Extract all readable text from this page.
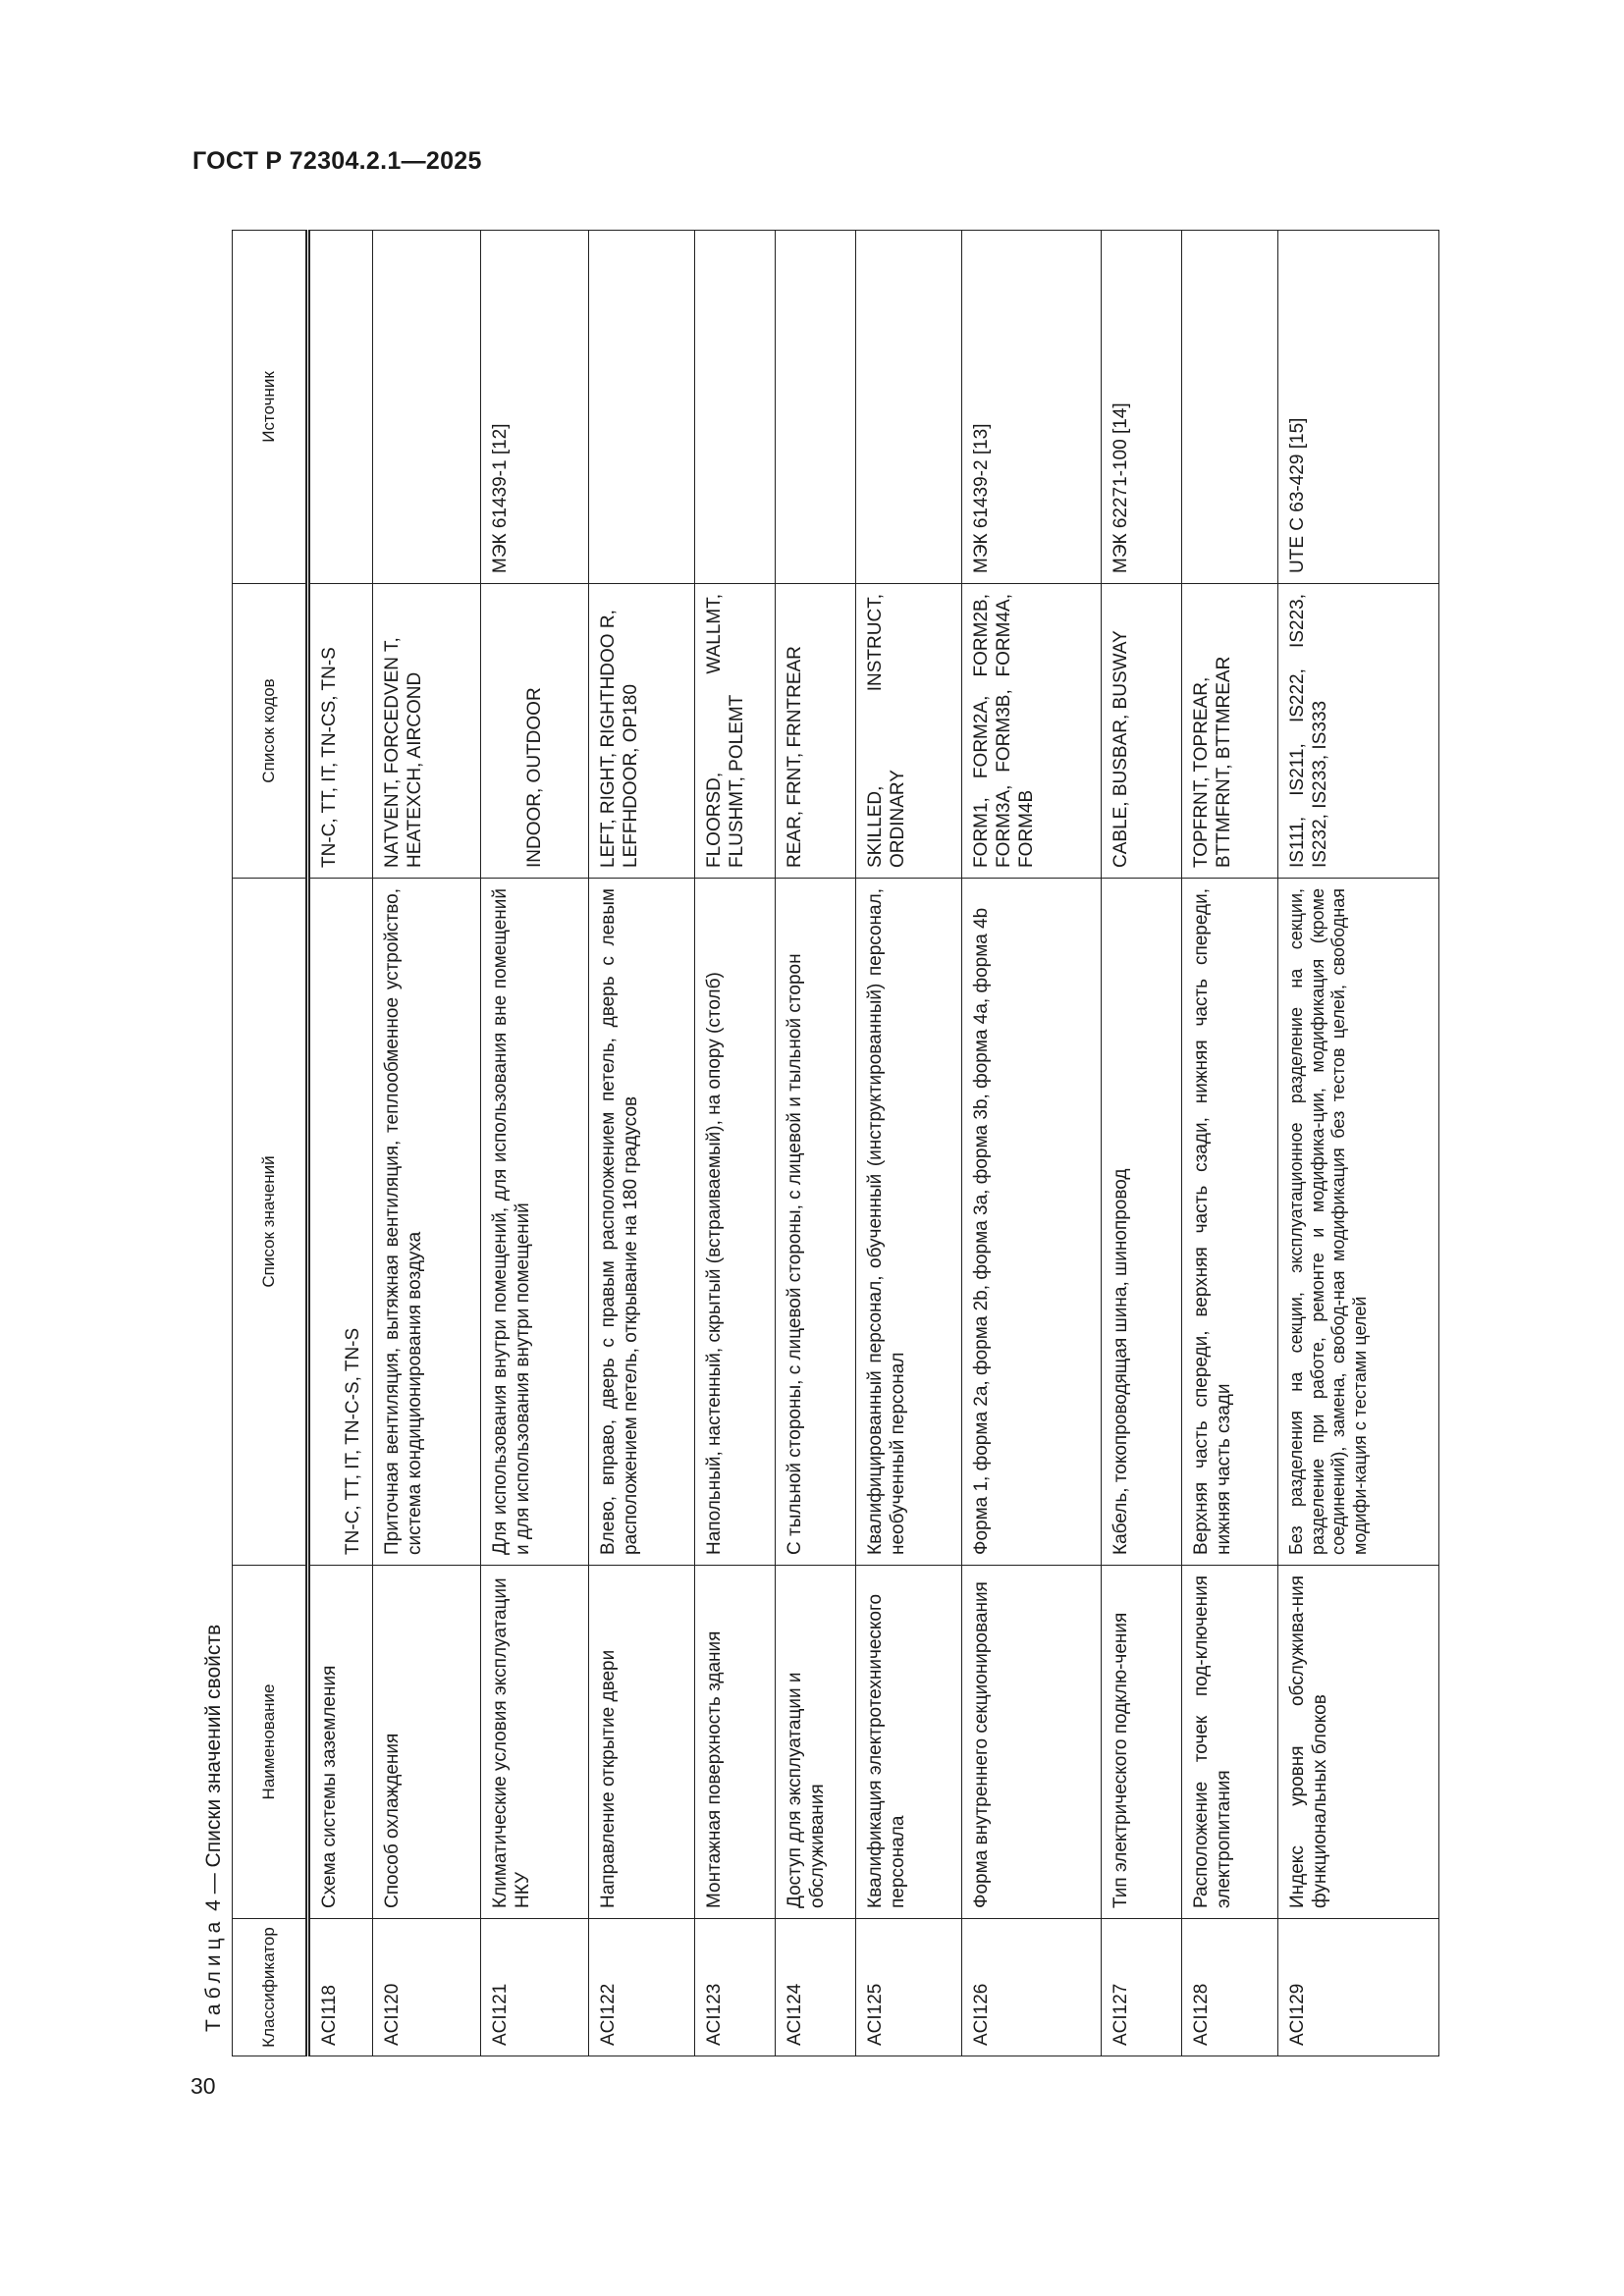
ГОСТ Р 72304.2.1—2025
Таблица 4 — Списки значений свойств
Классификатор	Наименование	Список значений	Список кодов	Источник
ACI118	Схема системы заземления	TN-C, TT, IT, TN-C-S, TN-S	TN-C, TT, IT, TN-CS, TN-S	
ACI120	Способ охлаждения	Приточная вентиляция, вытяжная вентиляция, теплообменное устройство, система кондиционирования воздуха	NATVENT, FORCEDVEN T, HEATEXCH, AIRCOND	
ACI121	Климатические условия эксплуатации НКУ	Для использования внутри помещений, для использования вне помещений и для использования внутри помещений	INDOOR, OUTDOOR	МЭК 61439-1 [12]
ACI122	Направление открытие двери	Влево, вправо, дверь с правым расположением петель, дверь с левым расположением петель, открывание на 180 градусов	LEFT, RIGHT, RIGHTHDOO R, LEFFHDOOR, OP180	
ACI123	Монтажная поверхность здания	Напольный, настенный, скрытый (встраиваемый), на опору (столб)	FLOORSD, WALLMT, FLUSHMT, POLEMT	
ACI124	Доступ для эксплуатации и обслуживания	С тыльной стороны, с лицевой стороны, с лицевой и тыльной сторон	REAR, FRNT, FRNTREAR	
ACI125	Квалификация электротехнического персонала	Квалифицированный персонал, обученный (инструктированный) персонал, необученный персонал	SKILLED, INSTRUCT, ORDINARY	
ACI126	Форма внутреннего секционирования	Форма 1, форма 2a, форма 2b, форма 3a, форма 3b, форма 4a, форма 4b	FORM1, FORM2A, FORM2B, FORM3A, FORM3B, FORM4A, FORM4B	МЭК 61439-2 [13]
ACI127	Тип электрического подклю-чения	Кабель, токопроводящая шина, шинопровод	CABLE, BUSBAR, BUSWAY	МЭК 62271-100 [14]
ACI128	Расположение точек под-ключения электропитания	Верхняя часть спереди, верхняя часть сзади, нижняя часть спереди, нижняя часть сзади	TOPFRNT, TOPREAR, BTTMFRNT, BTTMREAR	
ACI129	Индекс уровня обслужива-ния функциональных блоков	Без разделения на секции, эксплуатационное разделение на секции, разделение при работе, ремонте и модифика-ции, модификация (кроме соединений), замена, свобод-ная модификация без тестов целей, свободная модифи-кация с тестами целей	IS111, IS211, IS222, IS223, IS232, IS233, IS333	UTE C 63-429 [15]
30
